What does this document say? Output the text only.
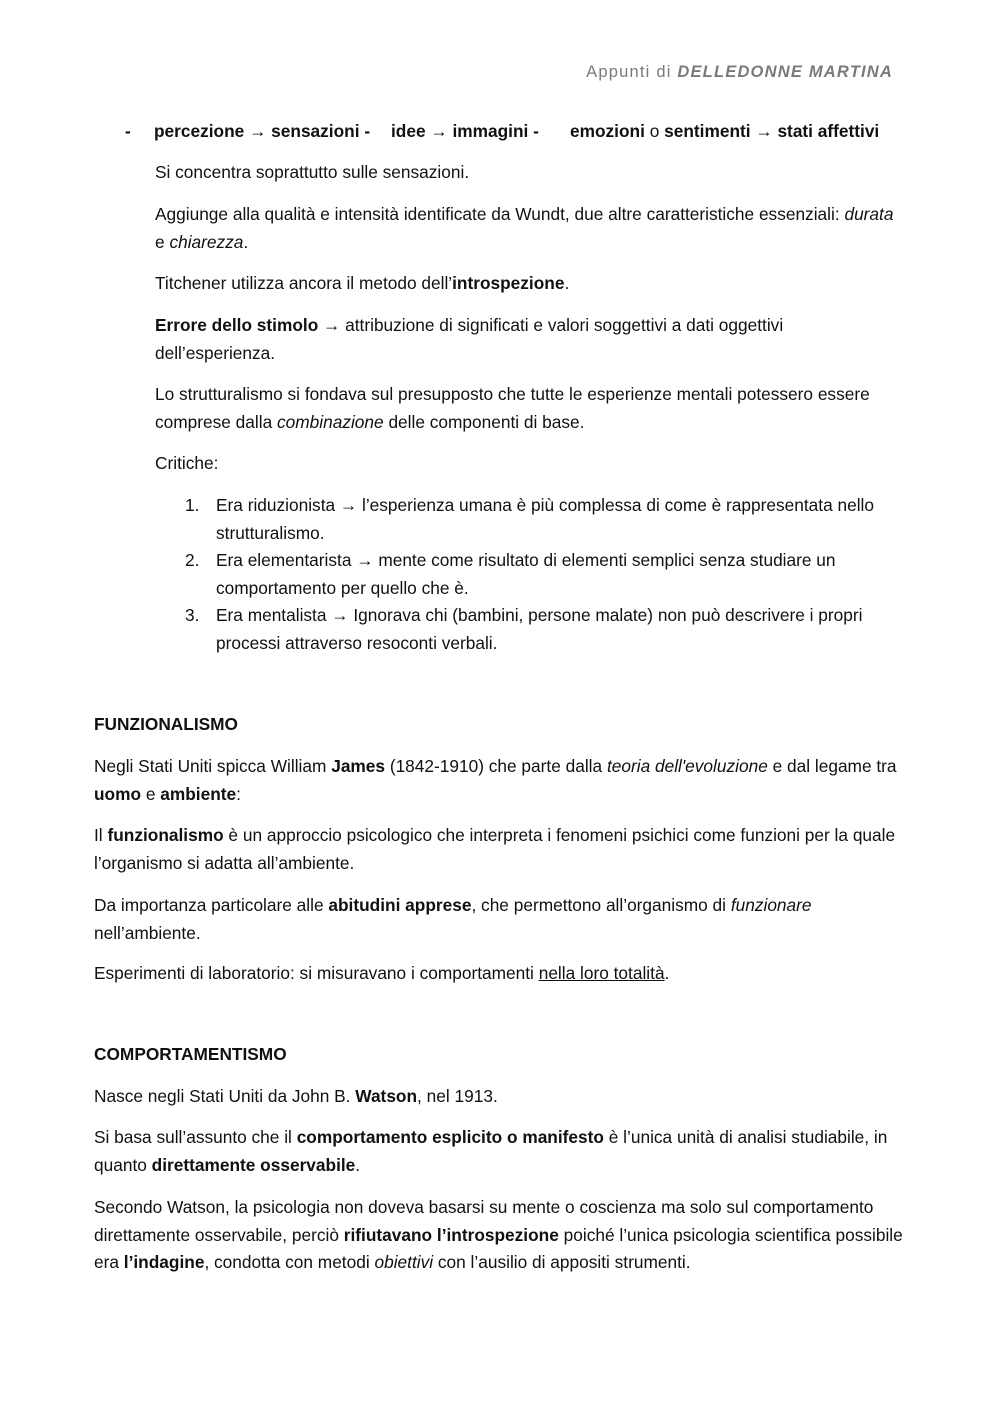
Appunti di DELLEDONNE MARTINA
- percezione → sensazioni - idee → immagini - emozioni o sentimenti → stati affettivi

Si concentra soprattutto sulle sensazioni.

Aggiunge alla qualità e intensità identificate da Wundt, due altre caratteristiche essenziali: durata e chiarezza.

Titchener utilizza ancora il metodo dell’introspezione.

Errore dello stimolo → attribuzione di significati e valori soggettivi a dati oggettivi dell’esperienza.

Lo strutturalismo si fondava sul presupposto che tutte le esperienze mentali potessero essere comprese dalla combinazione delle componenti di base.

Critiche:

1. Era riduzionista → l’esperienza umana è più complessa di come è rappresentata nello strutturalismo.
2. Era elementarista → mente come risultato di elementi semplici senza studiare un comportamento per quello che è.
3. Era mentalista → Ignorava chi (bambini, persone malate) non può descrivere i propri processi attraverso resoconti verbali.

FUNZIONALISMO

Negli Stati Uniti spicca William James (1842-1910) che parte dalla teoria dell'evoluzione e dal legame tra uomo e ambiente:

Il funzionalismo è un approccio psicologico che interpreta i fenomeni psichici come funzioni per la quale l’organismo si adatta all’ambiente.

Da importanza particolare alle abitudini apprese, che permettono all’organismo di funzionare nell’ambiente.

Esperimenti di laboratorio: si misuravano i comportamenti nella loro totalità.

COMPORTAMENTISMO

Nasce negli Stati Uniti da John B. Watson, nel 1913.

Si basa sull’assunto che il comportamento esplicito o manifesto è l’unica unità di analisi studiabile, in quanto direttamente osservabile.

Secondo Watson, la psicologia non doveva basarsi su mente o coscienza ma solo sul comportamento direttamente osservabile, perciò rifiutavano l’introspezione poiché l’unica psicologia scientifica possibile era l’indagine, condotta con metodi obiettivi con l’ausilio di appositi strumenti.
